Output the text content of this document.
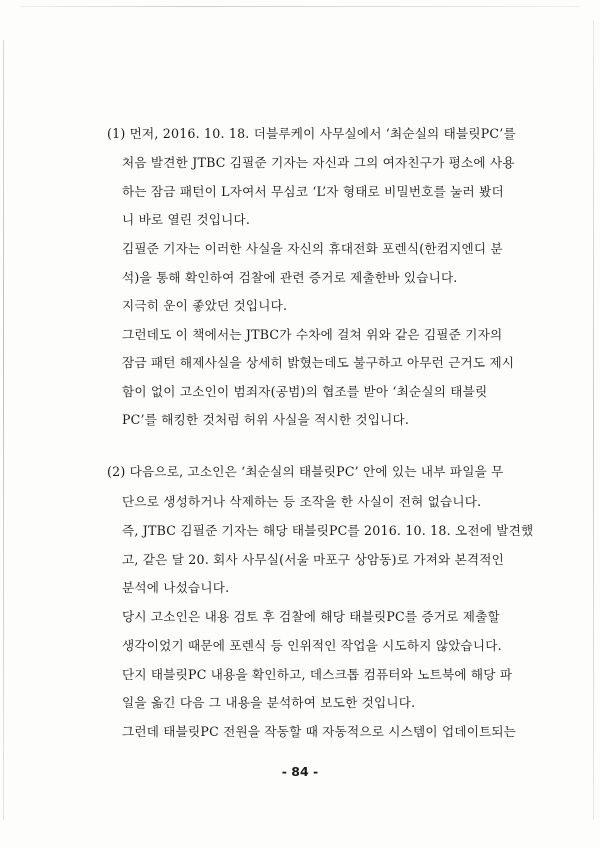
(1) 먼저, 2016. 10. 18. 더블루케이 사무실에서 ‘최순실의 태블릿PC’를
처음 발견한 JTBC 김필준 기자는 자신과 그의 여자친구가 평소에 사용
하는 잠금 패턴이 L자여서 무심코 ‘L’자 형태로 비밀번호를 눌러 봤더
니 바로 열린 것입니다.
김필준 기자는 이러한 사실을 자신의 휴대전화 포렌식(한컴지엔디 분
석)을 통해 확인하여 검찰에 관련 증거로 제출한바 있습니다.
지극히 운이 좋았던 것입니다.
그런데도 이 책에서는 JTBC가 수차에 걸쳐 위와 같은 김필준 기자의
잠금 패턴 해제사실을 상세히 밝혔는데도 불구하고 아무런 근거도 제시
함이 없이 고소인이 범죄자(공범)의 협조를 받아 ‘최순실의 태블릿
PC’를 해킹한 것처럼 허위 사실을 적시한 것입니다.
(2) 다음으로, 고소인은 ‘최순실의 태블릿PC’ 안에 있는 내부 파일을 무
단으로 생성하거나 삭제하는 등 조작을 한 사실이 전혀 없습니다.
즉, JTBC 김필준 기자는 해당 태블릿PC를 2016. 10. 18. 오전에 발견했
고, 같은 달 20. 회사 사무실(서울 마포구 상암동)로 가져와 본격적인
분석에 나섰습니다.
당시 고소인은 내용 검토 후 검찰에 해당 태블릿PC를 증거로 제출할
생각이었기 때문에 포렌식 등 인위적인 작업을 시도하지 않았습니다.
단지 태블릿PC 내용을 확인하고, 데스크톱 컴퓨터와 노트북에 해당 파
일을 옮긴 다음 그 내용을 분석하여 보도한 것입니다.
그런데 태블릿PC 전원을 작동할 때 자동적으로 시스템이 업데이트되는
- 84 -
